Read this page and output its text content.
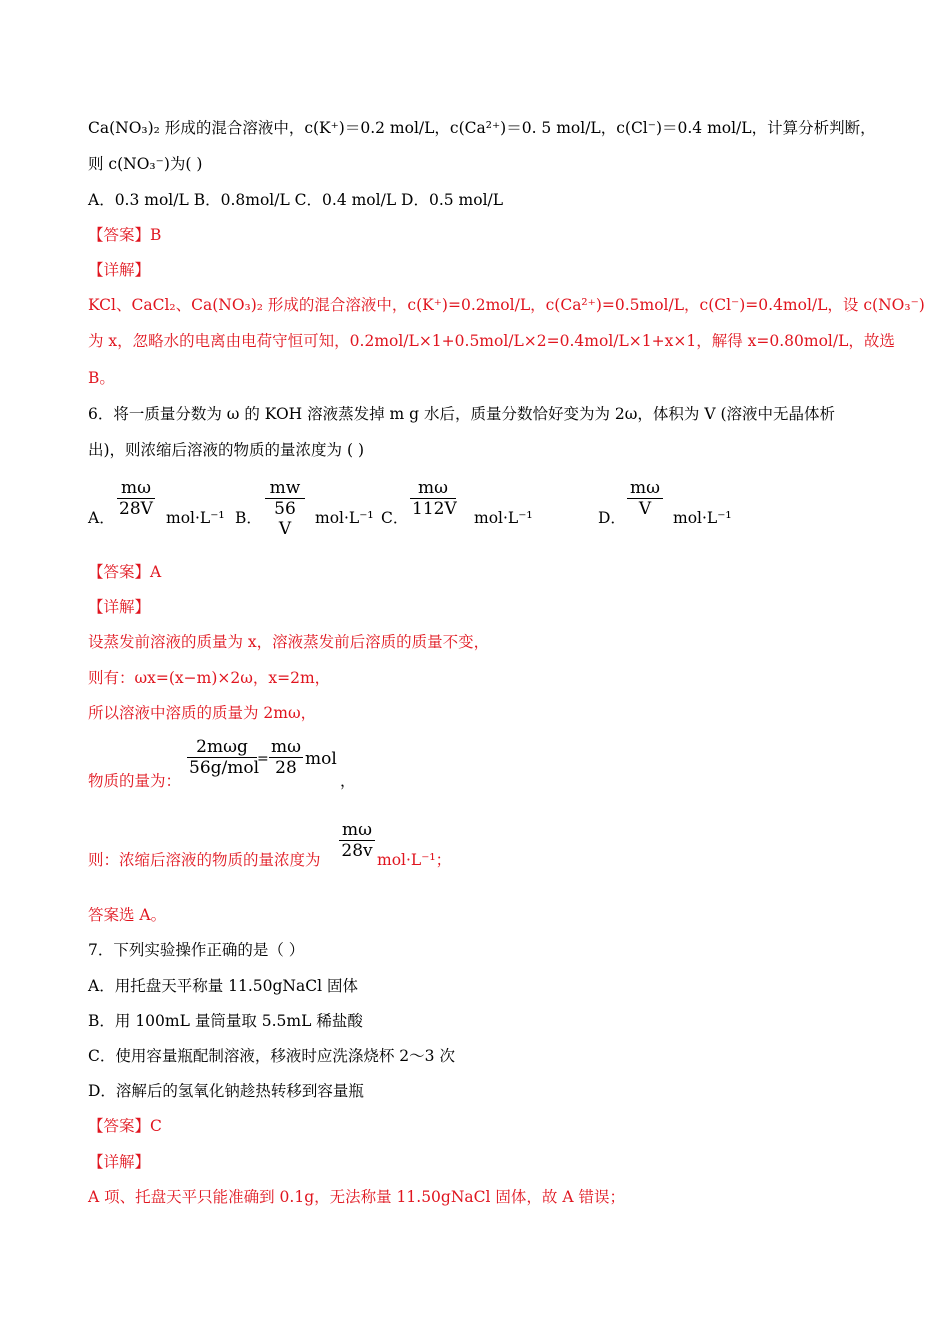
Ca(NO₃)₂ 形成的混合溶液中，c(K⁺)＝0.2 mol/L，c(Ca²⁺)＝0. 5 mol/L，c(Cl⁻)＝0.4 mol/L，计算分析判断，
则 c(NO₃⁻)为( )
A．0.3 mol/L B．0.8mol/L C．0.4 mol/L D．0.5 mol/L
【答案】B
【详解】
KCl、CaCl₂、Ca(NO₃)₂ 形成的混合溶液中，c(K⁺)=0.2mol/L，c(Ca²⁺)=0.5mol/L，c(Cl⁻)=0.4mol/L，设 c(NO₃⁻)
为 x，忽略水的电离由电荷守恒可知，0.2mol/L×1+0.5mol/L×2=0.4mol/L×1+x×1，解得 x=0.80mol/L，故选
B。
6．将一质量分数为 ω 的 KOH 溶液蒸发掉 m g 水后，质量分数恰好变为为 2ω，体积为 V (溶液中无晶体析
出)，则浓缩后溶液的物质的量浓度为 ( )
A．
mω
28V mol·L⁻¹ B．
mw
56 V
mol·L⁻¹ C．
mω
112V mol·L⁻¹	D．
mω
V	mol·L⁻¹
【答案】A
【详解】
设蒸发前溶液的质量为 x，溶液蒸发前后溶质的质量不变，
则有：ωx=(x−m)×2ω，x=2m，
所以溶液中溶质的质量为 2mω，
物质的量为：
2mωg
56g/mol
=
mω
28 mol
，
则：浓缩后溶液的物质的量浓度为
mω
28v mol·L⁻¹；
答案选 A。
7．下列实验操作正确的是（ ）
A．用托盘天平称量 11.50gNaCl 固体
B．用 100mL 量筒量取 5.5mL 稀盐酸
C．使用容量瓶配制溶液，移液时应洗涤烧杯 2～3 次
D．溶解后的氢氧化钠趁热转移到容量瓶
【答案】C
【详解】
A 项、托盘天平只能准确到 0.1g，无法称量 11.50gNaCl 固体，故 A 错误；
